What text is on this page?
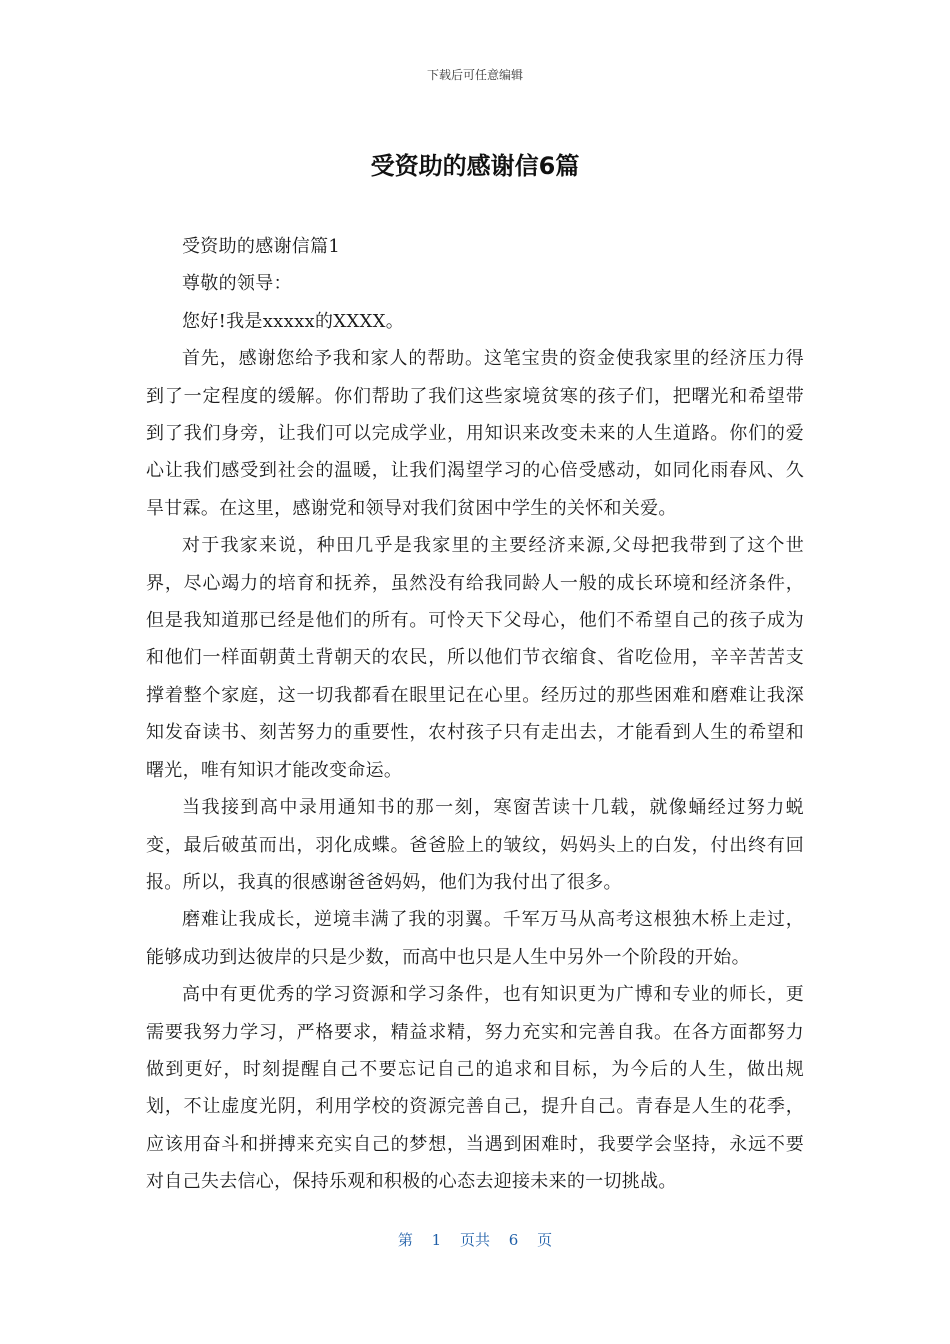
下载后可任意编辑
受资助的感谢信6篇

受资助的感谢信篇1

尊敬的领导：

您好!我是xxxxx的XXXX。

首先，感谢您给予我和家人的帮助。这笔宝贵的资金使我家里的经济压力得到了一定程度的缓解。你们帮助了我们这些家境贫寒的孩子们，把曙光和希望带到了我们身旁，让我们可以完成学业，用知识来改变未来的人生道路。你们的爱心让我们感受到社会的温暖，让我们渴望学习的心倍受感动，如同化雨春风、久旱甘霖。在这里，感谢党和领导对我们贫困中学生的关怀和关爱。

对于我家来说，种田几乎是我家里的主要经济来源,父母把我带到了这个世界，尽心竭力的培育和抚养，虽然没有给我同龄人一般的成长环境和经济条件，但是我知道那已经是他们的所有。可怜天下父母心，他们不希望自己的孩子成为和他们一样面朝黄土背朝天的农民，所以他们节衣缩食、省吃俭用，辛辛苦苦支撑着整个家庭，这一切我都看在眼里记在心里。经历过的那些困难和磨难让我深知发奋读书、刻苦努力的重要性，农村孩子只有走出去，才能看到人生的希望和曙光，唯有知识才能改变命运。

当我接到高中录用通知书的那一刻，寒窗苦读十几载，就像蛹经过努力蜕变，最后破茧而出，羽化成蝶。爸爸脸上的皱纹，妈妈头上的白发，付出终有回报。所以，我真的很感谢爸爸妈妈，他们为我付出了很多。

磨难让我成长，逆境丰满了我的羽翼。千军万马从高考这根独木桥上走过，能够成功到达彼岸的只是少数，而高中也只是人生中另外一个阶段的开始。

高中有更优秀的学习资源和学习条件，也有知识更为广博和专业的师长，更需要我努力学习，严格要求，精益求精，努力充实和完善自我。在各方面都努力做到更好，时刻提醒自己不要忘记自己的追求和目标，为今后的人生，做出规划，不让虚度光阴，利用学校的资源完善自己，提升自己。青春是人生的花季，应该用奋斗和拼搏来充实自己的梦想，当遇到困难时，我要学会坚持，永远不要对自己失去信心，保持乐观和积极的心态去迎接未来的一切挑战。

第 1 页共 6 页
